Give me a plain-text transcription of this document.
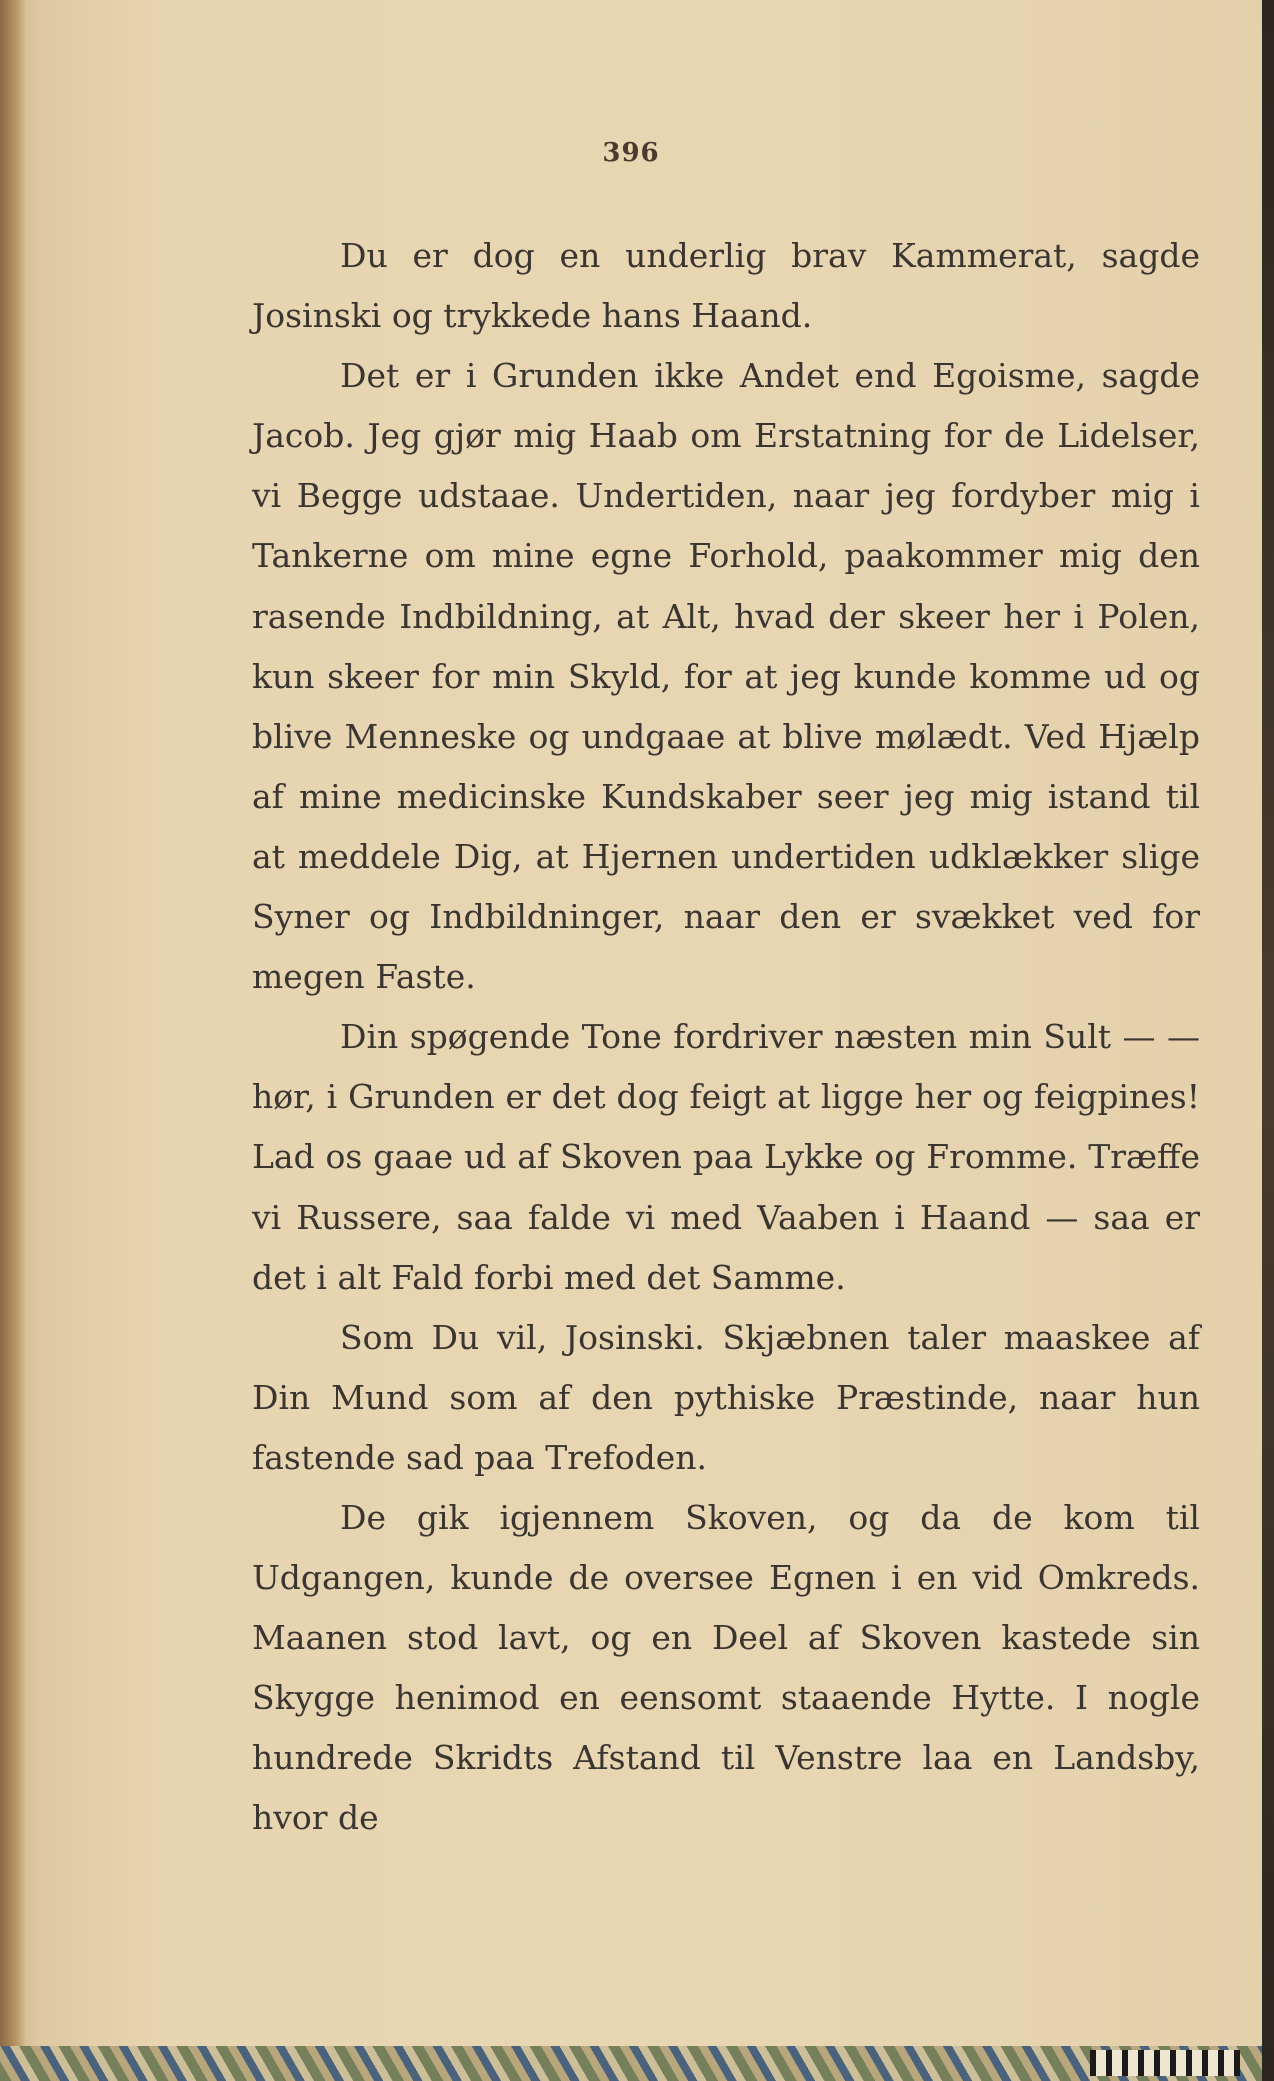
396

Du er dog en underlig brav Kammerat, sagde Josinski og trykkede hans Haand.

Det er i Grunden ikke Andet end Egoisme, sagde Jacob. Jeg gjør mig Haab om Erstatning for de Lidelser, vi Begge udstaae. Undertiden, naar jeg fordyber mig i Tankerne om mine egne Forhold, paakommer mig den rasende Indbildning, at Alt, hvad der skeer her i Polen, kun skeer for min Skyld, for at jeg kunde komme ud og blive Menneske og undgaae at blive mølædt. Ved Hjælp af mine medicinske Kundskaber seer jeg mig istand til at meddele Dig, at Hjernen undertiden udklækker slige Syner og Indbildninger, naar den er svækket ved for megen Faste.

Din spøgende Tone fordriver næsten min Sult — — hør, i Grunden er det dog feigt at ligge her og feigpines! Lad os gaae ud af Skoven paa Lykke og Fromme. Træffe vi Russere, saa falde vi med Vaaben i Haand — saa er det i alt Fald forbi med det Samme.

Som Du vil, Josinski. Skjæbnen taler maaskee af Din Mund som af den pythiske Præstinde, naar hun fastende sad paa Trefoden.

De gik igjennem Skoven, og da de kom til Udgangen, kunde de oversee Egnen i en vid Omkreds. Maanen stod lavt, og en Deel af Skoven kastede sin Skygge henimod en eensomt staaende Hytte. I nogle hundrede Skridts Afstand til Venstre laa en Landsby, hvor de
